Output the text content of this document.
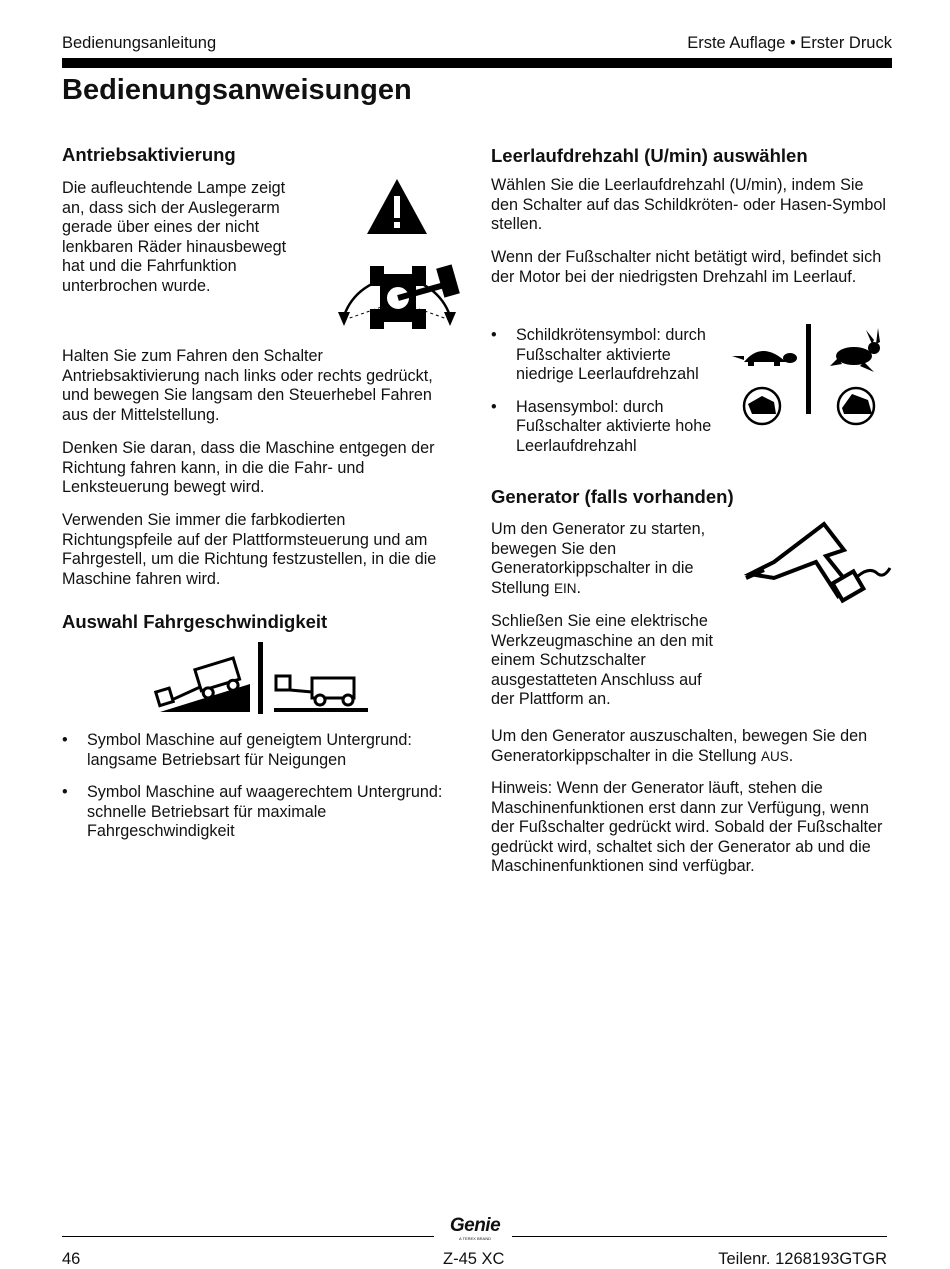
Bedienungsanleitung	Erste Auflage • Erster Druck
Bedienungsanweisungen
Antriebsaktivierung

Die aufleuchtende Lampe zeigt an, dass sich der Auslegerarm gerade über eines der nicht lenkbaren Räder hinausbewegt hat und die Fahrfunktion unterbrochen wurde.

Halten Sie zum Fahren den Schalter Antriebsaktivierung nach links oder rechts gedrückt, und bewegen Sie langsam den Steuerhebel Fahren aus der Mittelstellung.

Denken Sie daran, dass die Maschine entgegen der Richtung fahren kann, in die die Fahr- und Lenksteuerung bewegt wird.

Verwenden Sie immer die farbkodierten Richtungspfeile auf der Plattformsteuerung und am Fahrgestell, um die Richtung festzustellen, in die die Maschine fahren wird.

Auswahl Fahrgeschwindigkeit
• Symbol Maschine auf geneigtem Untergrund: langsame Betriebsart für Neigungen
• Symbol Maschine auf waagerechtem Untergrund: schnelle Betriebsart für maximale Fahrgeschwindigkeit
Leerlaufdrehzahl (U/min) auswählen

Wählen Sie die Leerlaufdrehzahl (U/min), indem Sie den Schalter auf das Schildkröten- oder Hasen-Symbol stellen.

Wenn der Fußschalter nicht betätigt wird, befindet sich der Motor bei der niedrigsten Drehzahl im Leerlauf.

• Schildkrötensymbol: durch Fußschalter aktivierte niedrige Leerlaufdrehzahl
• Hasensymbol: durch Fußschalter aktivierte hohe Leerlaufdrehzahl
Generator (falls vorhanden)

Um den Generator zu starten, bewegen Sie den Generatorkippschalter in die Stellung EIN.

Schließen Sie eine elektrische Werkzeugmaschine an den mit einem Schutzschalter ausgestatteten Anschluss auf der Plattform an.

Um den Generator auszuschalten, bewegen Sie den Generatorkippschalter in die Stellung AUS.

Hinweis: Wenn der Generator läuft, stehen die Maschinenfunktionen erst dann zur Verfügung, wenn der Fußschalter gedrückt wird. Sobald der Fußschalter gedrückt wird, schaltet sich der Generator ab und die Maschinenfunktionen sind verfügbar.

Genie
A TEREX BRAND
46	Z-45 XC	Teilenr. 1268193GTGR
